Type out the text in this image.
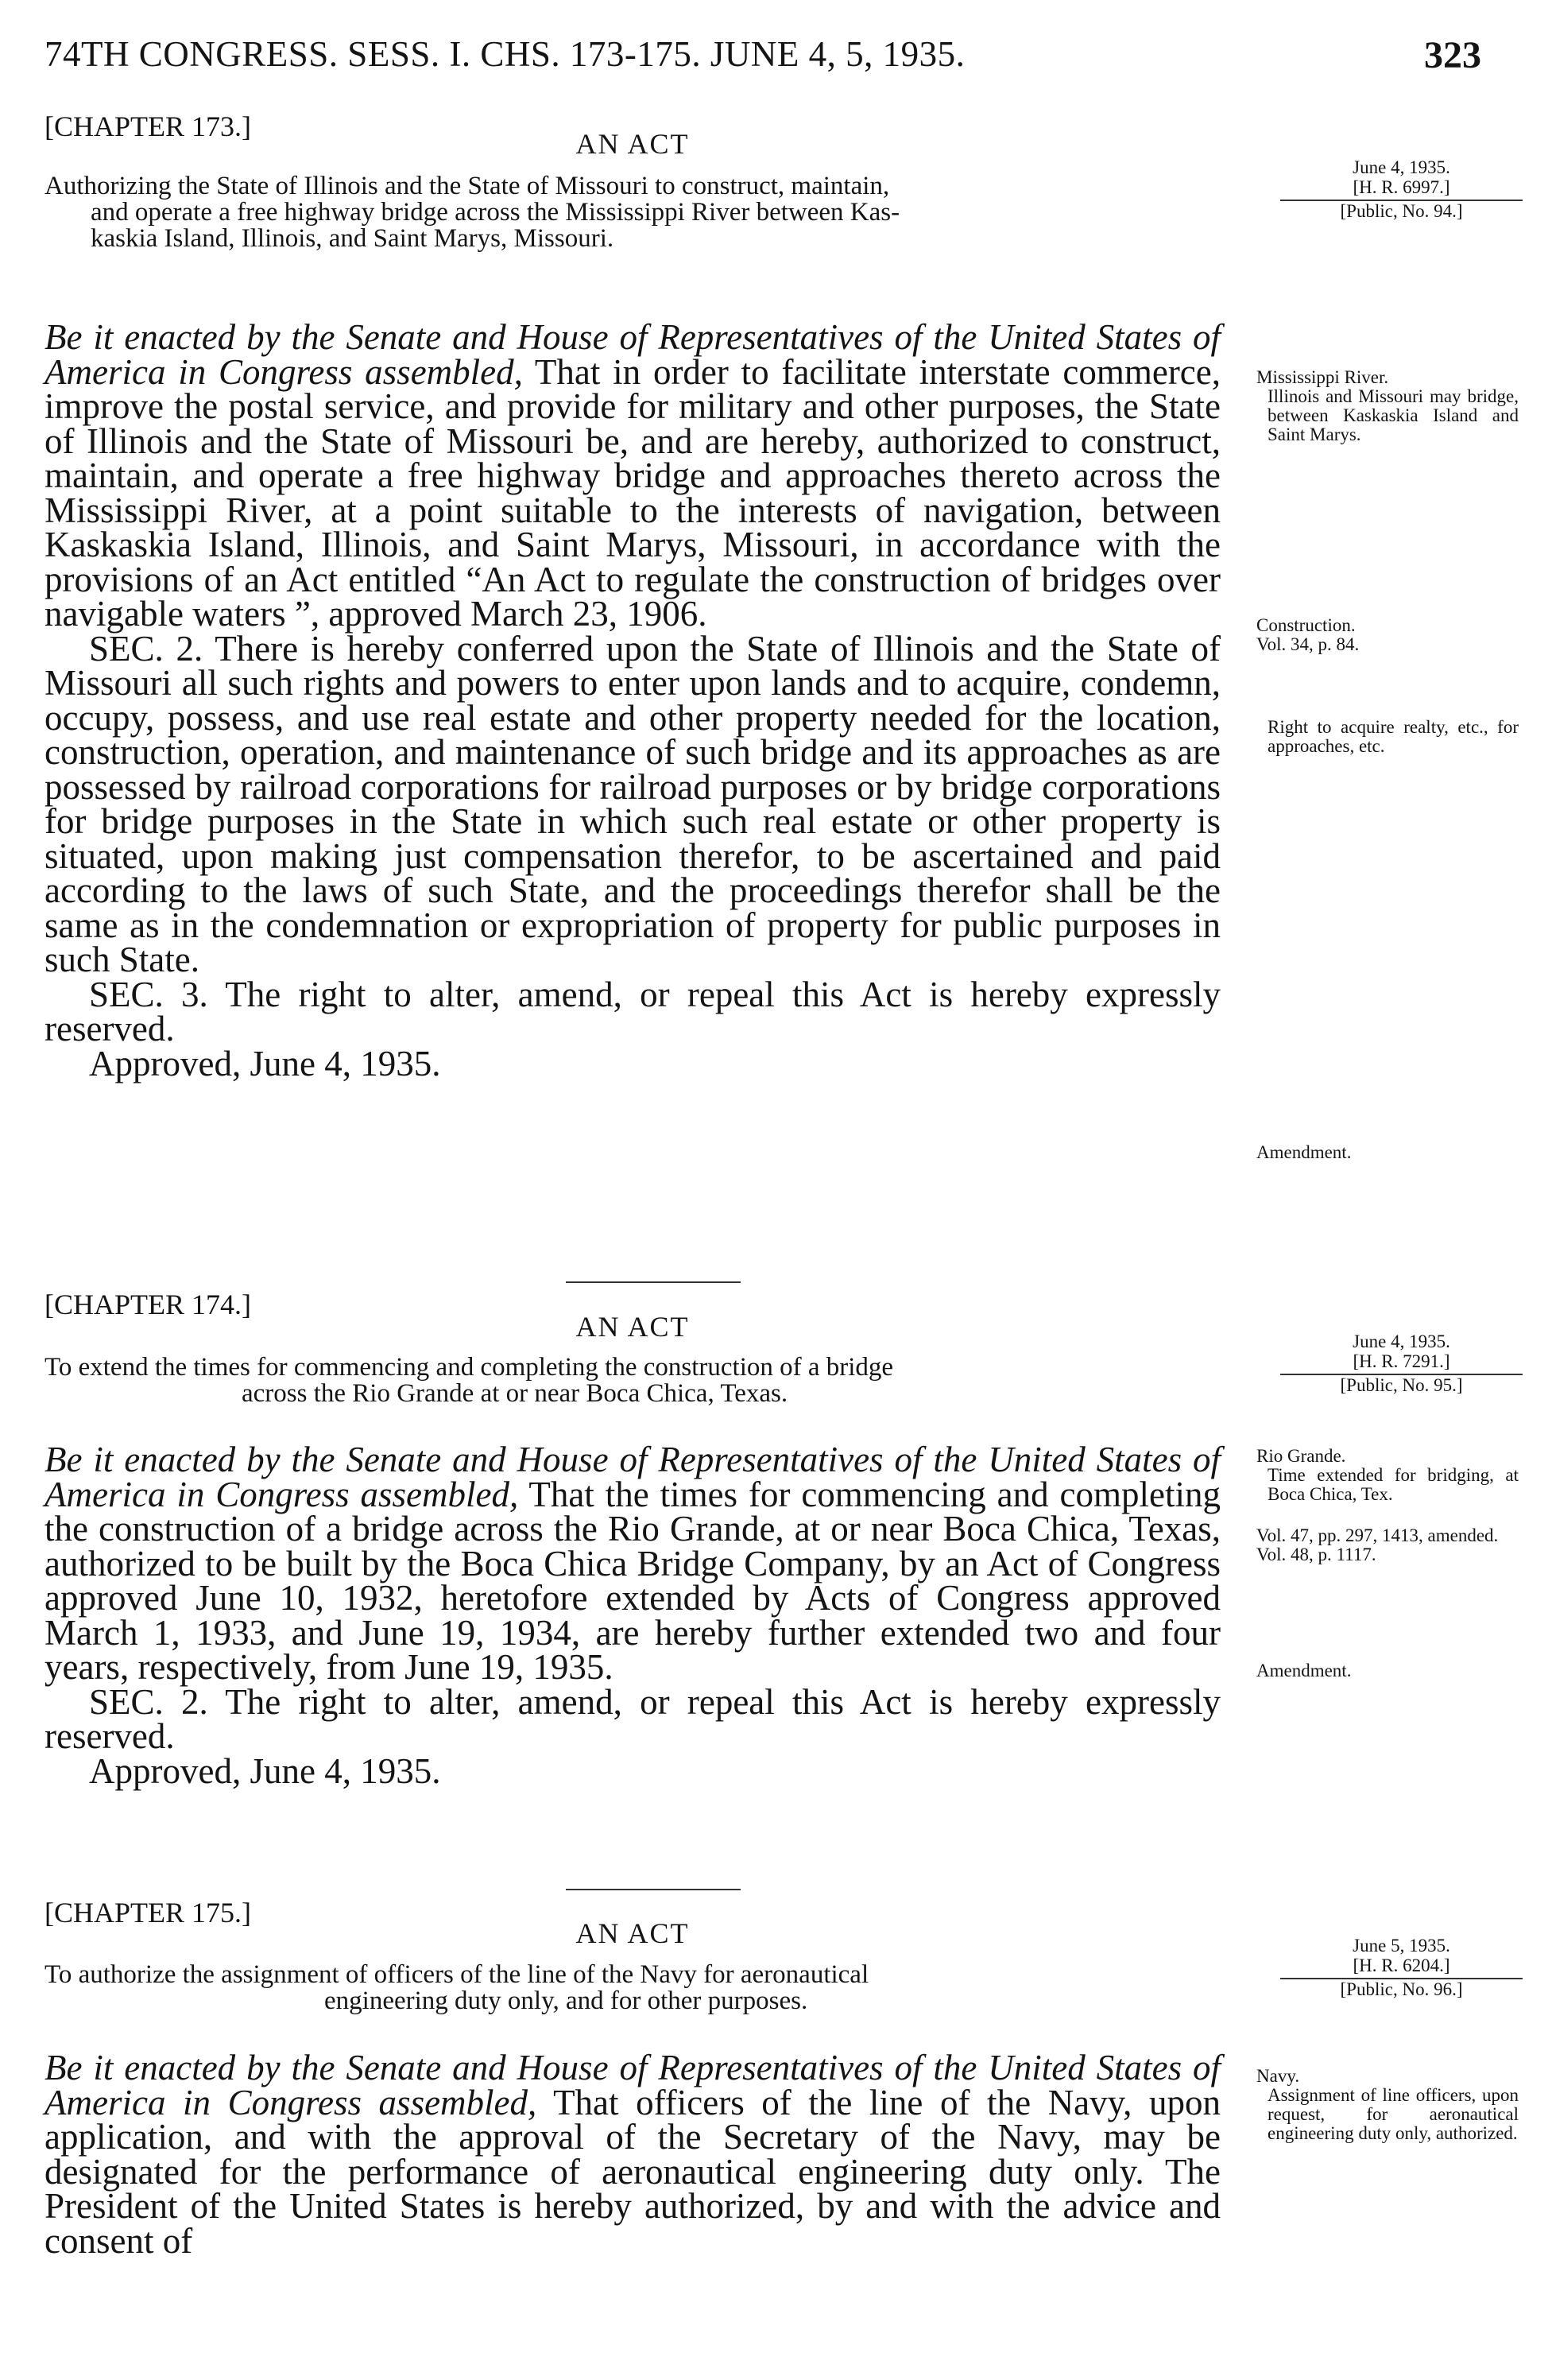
74TH CONGRESS. SESS. I. CHS. 173-175. JUNE 4, 5, 1935.	323
[CHAPTER 173.]
AN ACT
Authorizing the State of Illinois and the State of Missouri to construct, maintain,
and operate a free highway bridge across the Mississippi River between Kas-
kaskia Island, Illinois, and Saint Marys, Missouri.
June 4, 1935.
[H. R. 6997.]
[Public, No. 94.]

Be it enacted by the Senate and House of Representatives of the United States of America in Congress assembled, That in order to facilitate interstate commerce, improve the postal service, and provide for military and other purposes, the State of Illinois and the State of Missouri be, and are hereby, authorized to construct, maintain, and operate a free highway bridge and approaches thereto across the Mississippi River, at a point suitable to the interests of navigation, between Kaskaskia Island, Illinois, and Saint Marys, Missouri, in accordance with the provisions of an Act entitled “An Act to regulate the construction of bridges over navigable waters ”, approved March 23, 1906.

SEC. 2. There is hereby conferred upon the State of Illinois and the State of Missouri all such rights and powers to enter upon lands and to acquire, condemn, occupy, possess, and use real estate and other property needed for the location, construction, operation, and maintenance of such bridge and its approaches as are possessed by railroad corporations for railroad purposes or by bridge corporations for bridge purposes in the State in which such real estate or other property is situated, upon making just compensation therefor, to be ascertained and paid according to the laws of such State, and the proceedings therefor shall be the same as in the condemnation or expropriation of property for public purposes in such State.

SEC. 3. The right to alter, amend, or repeal this Act is hereby expressly reserved.

Approved, June 4, 1935.

Mississippi River.
Illinois and Missouri may bridge, between Kaskaskia Island and Saint Marys.
Construction.
Vol. 34, p. 84.
Right to acquire realty, etc., for approaches, etc.
Amendment.
[CHAPTER 174.]
AN ACT
To extend the times for commencing and completing the construction of a bridge
across the Rio Grande at or near Boca Chica, Texas.
June 4, 1935.
[H. R. 7291.]
[Public, No. 95.]

Be it enacted by the Senate and House of Representatives of the United States of America in Congress assembled, That the times for commencing and completing the construction of a bridge across the Rio Grande, at or near Boca Chica, Texas, authorized to be built by the Boca Chica Bridge Company, by an Act of Congress approved June 10, 1932, heretofore extended by Acts of Congress approved March 1, 1933, and June 19, 1934, are hereby further extended two and four years, respectively, from June 19, 1935.

SEC. 2. The right to alter, amend, or repeal this Act is hereby expressly reserved.

Approved, June 4, 1935.

Rio Grande.
Time extended for bridging, at Boca Chica, Tex.
Vol. 47, pp. 297, 1413, amended.
Vol. 48, p. 1117.
Amendment.
[CHAPTER 175.]
AN ACT
To authorize the assignment of officers of the line of the Navy for aeronautical
engineering duty only, and for other purposes.
June 5, 1935.
[H. R. 6204.]
[Public, No. 96.]

Be it enacted by the Senate and House of Representatives of the United States of America in Congress assembled, That officers of the line of the Navy, upon application, and with the approval of the Secretary of the Navy, may be designated for the performance of aeronautical engineering duty only. The President of the United States is hereby authorized, by and with the advice and consent of

Navy.
Assignment of line officers, upon request, for aeronautical engineering duty only, authorized.
